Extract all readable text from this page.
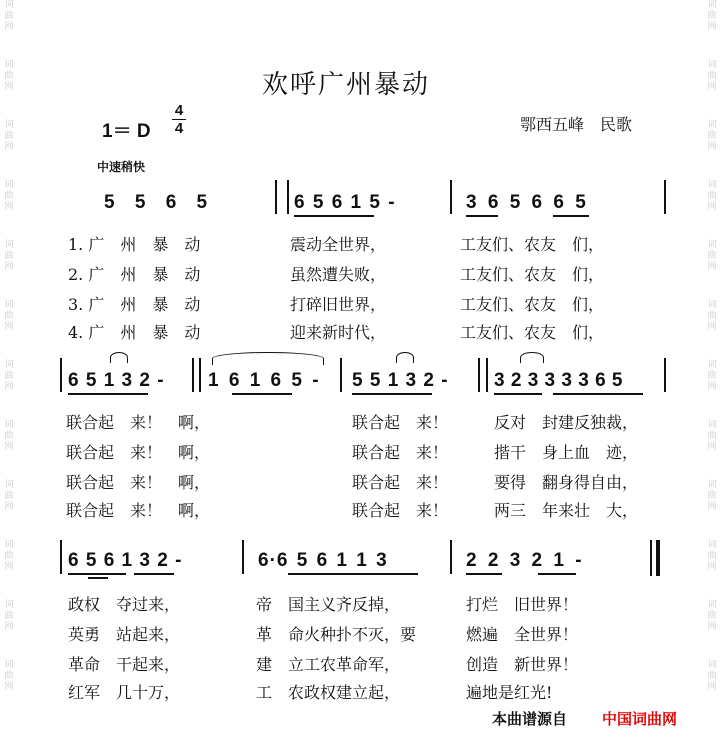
词
曲
网
词
曲
网
词
曲
网
词
曲
网
词
曲
网
词
曲
网
词
曲
网
词
曲
网
词
曲
网
词
曲
网
词
曲
网
词
曲
网
词
曲
网
词
曲
网
词
曲
网
词
曲
网
词
曲
网
词
曲
网
词
曲
网
词
曲
网
词
曲
网
词
曲
网
词
曲
网
词
曲
网
欢呼广州暴动
1＝ D
4
4	鄂西五峰　民歌
中速稍快
5 5 6 5	6 5 6 1 5 -	3 6 5 6 6 5
1. 广　州　暴　动	震动全世界，	工友们、农友　们，
2. 广　州　暴　动	虽然遭失败，	工友们、农友　们，
3. 广　州　暴　动	打碎旧世界，	工友们、农友　们，
4. 广　州　暴　动	迎来新时代，	工友们、农友　们，
6 5 1 3 2 - 1 6 1 6 5 - 5 5 1 3 2 - 3 2 3 3 3 3 6 5
联合起　来！　啊，	联合起　来！	反对　封建反独裁，
联合起　来！　啊，	联合起　来！	揩干　身上血　迹，
联合起　来！　啊，	联合起　来！	要得　翻身得自由，
联合起　来！　啊，	联合起　来！	两三　年来壮　大，
6 5 6 1 3 2 -	6·6 5 6 1 1 3	2 2 3 2 1 -
政权　夺过来，	帝　国主义齐反掉，	打烂　旧世界！
英勇　站起来，	革　命火种扑不灭，要	燃遍　全世界！
革命　干起来，	建　立工农革命军，	创造　新世界！
红军　几十万，	工　农政权建立起，	遍地是红光!
本曲谱源自	中国词曲网
